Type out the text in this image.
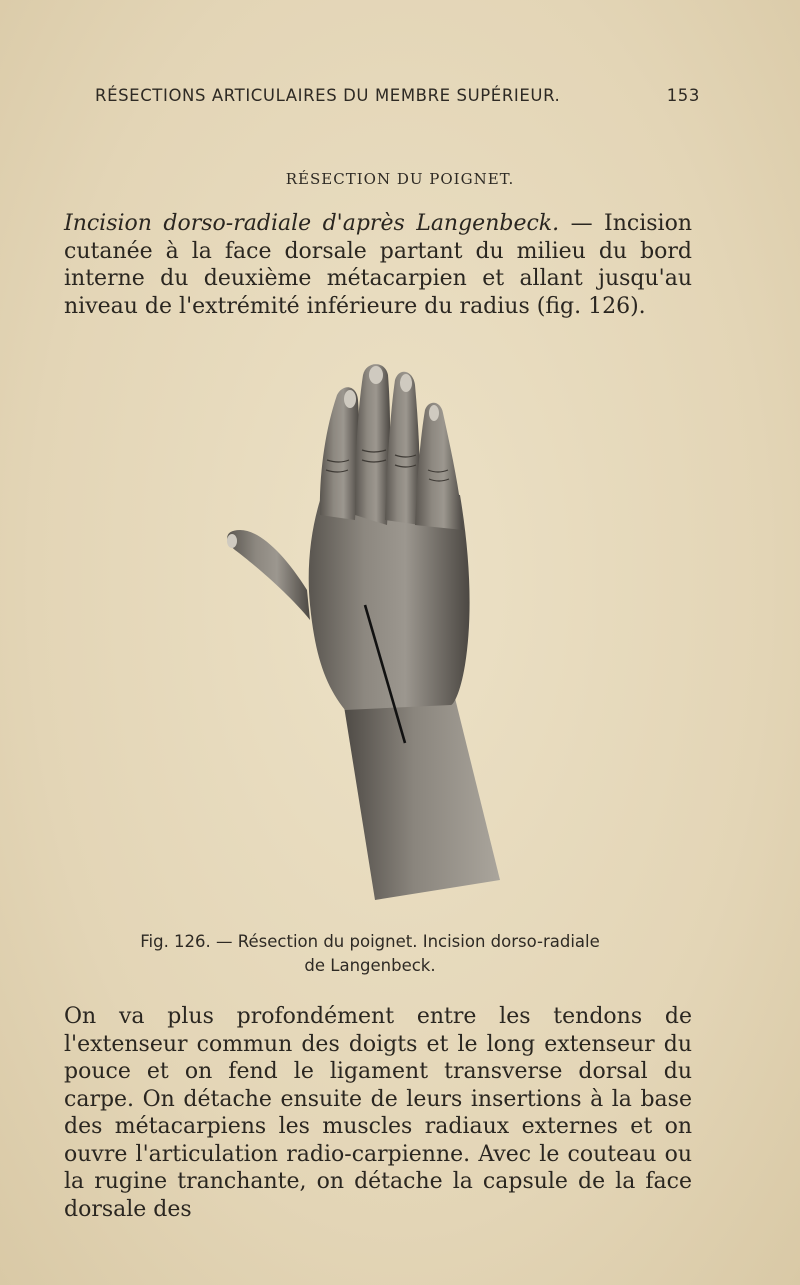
RÉSECTIONS ARTICULAIRES DU MEMBRE SUPÉRIEUR.	153
RÉSECTION DU POIGNET.

Incision dorso-radiale d'après Langenbeck. — Incision cutanée à la face dorsale partant du milieu du bord interne du deuxième métacarpien et allant jusqu'au niveau de l'extrémité inférieure du radius (fig. 126).

Fig. 126. — Résection du poignet. Incision dorso-radiale
de Langenbeck.

On va plus profondément entre les tendons de l'extenseur commun des doigts et le long extenseur du pouce et on fend le ligament transverse dorsal du carpe. On détache ensuite de leurs insertions à la base des métacarpiens les muscles radiaux externes et on ouvre l'articulation radio-carpienne. Avec le couteau ou la rugine tranchante, on détache la capsule de la face dorsale des
